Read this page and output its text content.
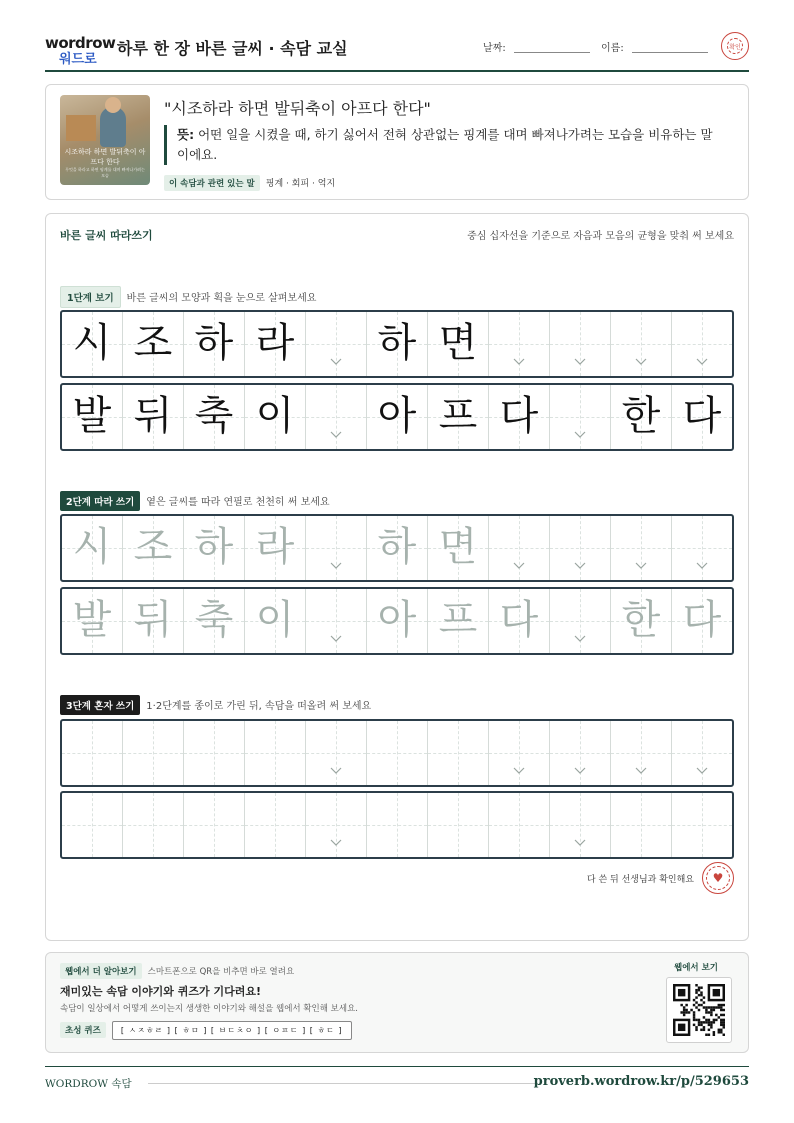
wordrow
워드로
하루 한 장 바른 글씨 · 속담 교실	날짜:	이름:	확인
시조하라 하면 발뒤축이 아프다 한다
무엇을 하라고 하면 핑계를 대며 빠져나가려는 모습
"시조하라 하면 발뒤축이 아프다 한다"
뜻: 어떤 일을 시켰을 때, 하기 싫어서 전혀 상관없는 핑계를 대며 빠져나가려는 모습을 비유하는 말이에요.
이 속담과 관련 있는 말 핑계 · 회피 · 억지
바른 글씨 따라쓰기	중심 십자선을 기준으로 자음과 모음의 균형을 맞춰 써 보세요
1단계 보기 바른 글씨의 모양과 획을 눈으로 살펴보세요
시 조 하 라 하 면
발 뒤 축 이 아 프 다 한 다
2단계 따라 쓰기 옅은 글씨를 따라 연필로 천천히 써 보세요
시 조 하 라 하 면
발 뒤 축 이 아 프 다 한 다
3단계 혼자 쓰기 1·2단계를 종이로 가린 뒤, 속담을 떠올려 써 보세요
다 쓴 뒤 선생님과 확인해요 ♥
웹에서 더 알아보기 스마트폰으로 QR을 비추면 바로 열려요
재미있는 속담 이야기와 퀴즈가 기다려요!
속담이 일상에서 어떻게 쓰이는지 생생한 이야기와 해설을 웹에서 확인해 보세요.
초성 퀴즈	[ ㅅㅈㅎㄹ ] [ ㅎㅁ ] [ ㅂㄷㅊㅇ ] [ ㅇㅍㄷ ] [ ㅎㄷ ]
웹에서 보기
WORDROW 속담	proverb.wordrow.kr/p/529653
